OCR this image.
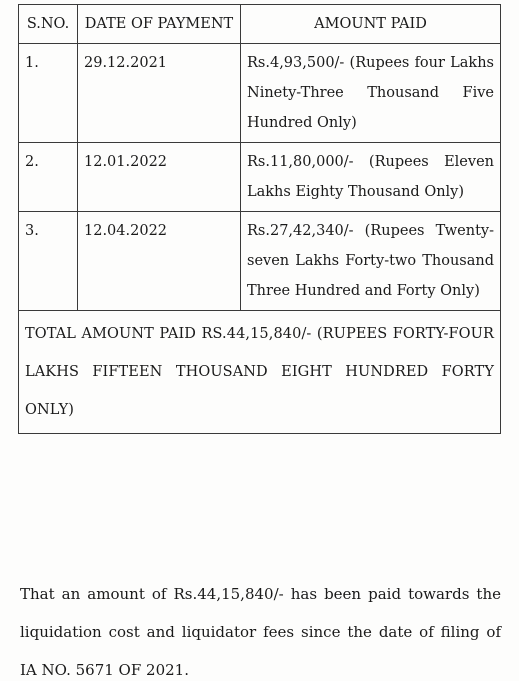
S.NO.	DATE OF PAYMENT	AMOUNT PAID
1.	29.12.2021	Rs.4,93,500/- (Rupees four Lakhs Ninety-Three Thousand Five Hundred Only)
2.	12.01.2022	Rs.11,80,000/- (Rupees Eleven Lakhs Eighty Thousand Only)
3.	12.04.2022	Rs.27,42,340/- (Rupees Twenty-seven Lakhs Forty-two Thousand Three Hundred and Forty Only)
TOTAL AMOUNT PAID RS.44,15,840/- (RUPEES FORTY-FOUR LAKHS FIFTEEN THOUSAND EIGHT HUNDRED FORTY ONLY)		

That an amount of Rs.44,15,840/- has been paid towards the liquidation cost and liquidator fees since the date of filing of IA NO. 5671 OF 2021.
